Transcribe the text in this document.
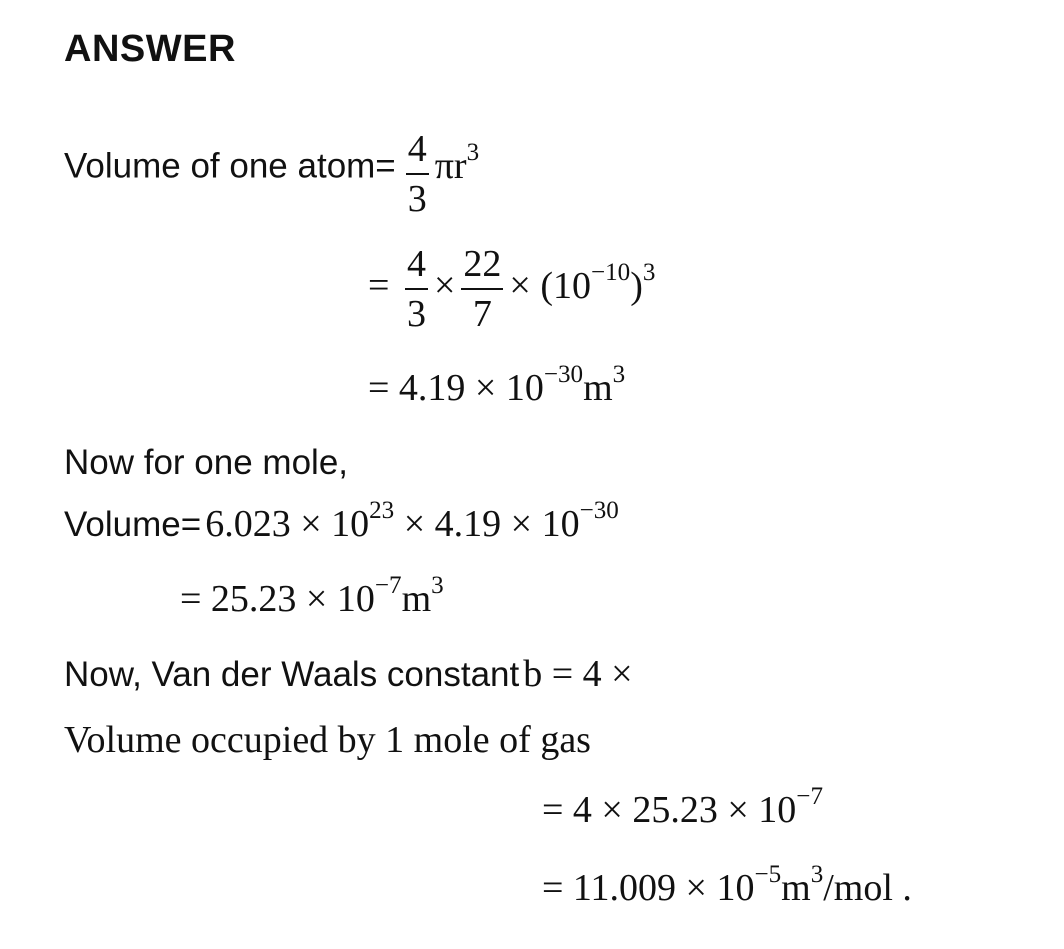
ANSWER
Volume of one atom= $\frac{4}{3} \pi r^3$
= $\frac{4}{3} \times \frac{22}{7} \times (10^{-10})^3$
= $4.19 \times 10^{-30}m^3$
Now for one mole,
Volume= $6.023 \times 10^{23} \times 4.19 \times 10^{-30}$
= $25.23 \times 10^{-7}m^3$
Now, Van der Waals constant b = 4 ×
Volume occupied by 1 mole of gas
= $4 \times 25.23 \times 10^{-7}$
= $11.009 \times 10^{-5}m^3$/mol .
